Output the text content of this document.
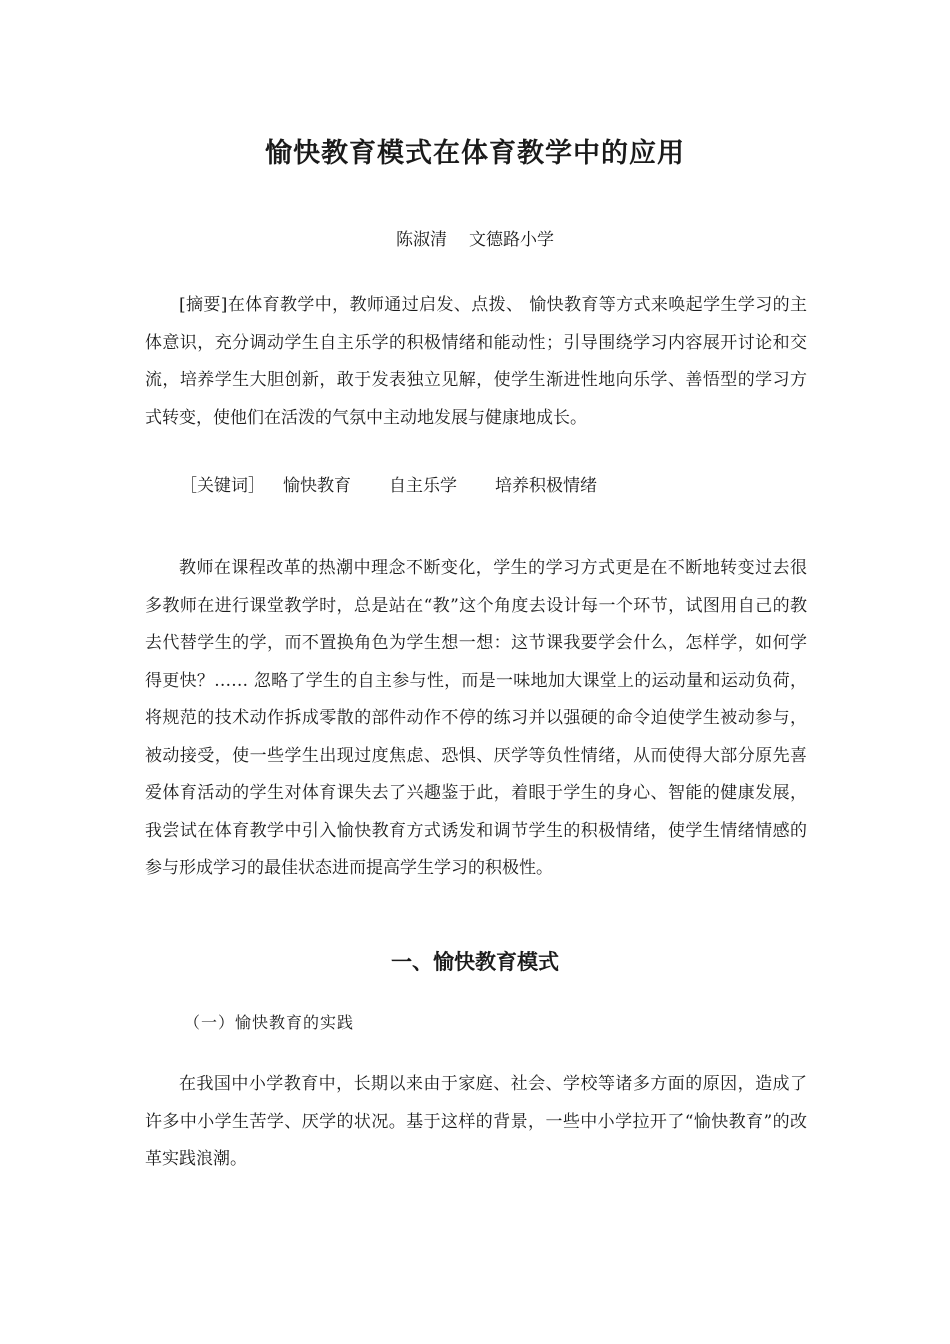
愉快教育模式在体育教学中的应用
陈淑清 文德路小学
[摘要]在体育教学中，教师通过启发、点拨、 愉快教育等方式来唤起学生学习的主体意识，充分调动学生自主乐学的积极情绪和能动性；引导围绕学习内容展开讨论和交流，培养学生大胆创新，敢于发表独立见解，使学生渐进性地向乐学、善悟型的学习方式转变，使他们在活泼的气氛中主动地发展与健康地成长。
［关键词］ 愉快教育 自主乐学 培养积极情绪
教师在课程改革的热潮中理念不断变化，学生的学习方式更是在不断地转变过去很多教师在进行课堂教学时，总是站在“教”这个角度去设计每一个环节，试图用自己的教去代替学生的学，而不置换角色为学生想一想：这节课我要学会什么，怎样学，如何学得更快？…… 忽略了学生的自主参与性，而是一味地加大课堂上的运动量和运动负荷，将规范的技术动作拆成零散的部件动作不停的练习并以强硬的命令迫使学生被动参与，被动接受，使一些学生出现过度焦虑、恐惧、厌学等负性情绪，从而使得大部分原先喜爱体育活动的学生对体育课失去了兴趣鉴于此，着眼于学生的身心、智能的健康发展，我尝试在体育教学中引入愉快教育方式诱发和调节学生的积极情绪，使学生情绪情感的参与形成学习的最佳状态进而提高学生学习的积极性。
一、愉快教育模式
（一）愉快教育的实践
在我国中小学教育中，长期以来由于家庭、社会、学校等诸多方面的原因，造成了许多中小学生苦学、厌学的状况。基于这样的背景，一些中小学拉开了“愉快教育”的改革实践浪潮。
